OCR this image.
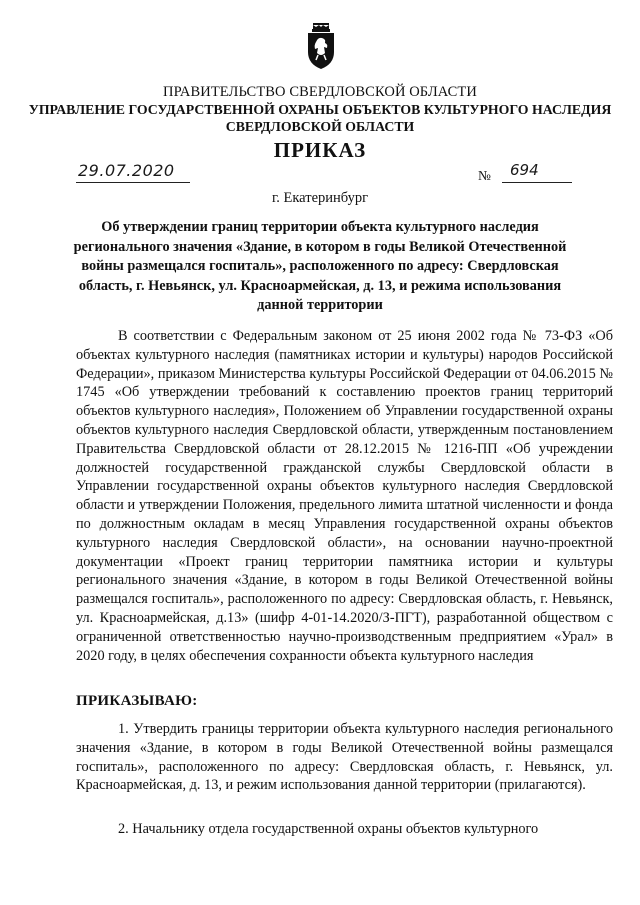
ПРАВИТЕЛЬСТВО СВЕРДЛОВСКОЙ ОБЛАСТИ
УПРАВЛЕНИЕ ГОСУДАРСТВЕННОЙ ОХРАНЫ ОБЪЕКТОВ КУЛЬТУРНОГО НАСЛЕДИЯ
СВЕРДЛОВСКОЙ ОБЛАСТИ
ПРИКАЗ
29.07.2020	№ 694
г. Екатеринбург
Об утверждении границ территории объекта культурного наследия регионального значения «Здание, в котором в годы Великой Отечественной войны размещался госпиталь», расположенного по адресу: Свердловская область, г. Невьянск, ул. Красноармейская, д. 13, и режима использования данной территории

В соответствии с Федеральным законом от 25 июня 2002 года № 73-ФЗ «Об объектах культурного наследия (памятниках истории и культуры) народов Российской Федерации», приказом Министерства культуры Российской Федерации от 04.06.2015 № 1745 «Об утверждении требований к составлению проектов границ территорий объектов культурного наследия», Положением об Управлении государственной охраны объектов культурного наследия Свердловской области, утвержденным постановлением Правительства Свердловской области от 28.12.2015 № 1216-ПП «Об учреждении должностей государственной гражданской службы Свердловской области в Управлении государственной охраны объектов культурного наследия Свердловской области и утверждении Положения, предельного лимита штатной численности и фонда по должностным окладам в месяц Управления государственной охраны объектов культурного наследия Свердловской области», на основании научно-проектной документации «Проект границ территории памятника истории и культуры регионального значения «Здание, в котором в годы Великой Отечественной войны размещался госпиталь», расположенного по адресу: Свердловская область, г. Невьянск, ул. Красноармейская, д.13» (шифр 4-01-14.2020/З-ПГТ), разработанной обществом с ограниченной ответственностью научно-производственным предприятием «Урал» в 2020 году, в целях обеспечения сохранности объекта культурного наследия

ПРИКАЗЫВАЮ:

1. Утвердить границы территории объекта культурного наследия регионального значения «Здание, в котором в годы Великой Отечественной войны размещался госпиталь», расположенного по адресу: Свердловская область, г. Невьянск, ул. Красноармейская, д. 13, и режим использования данной территории (прилагаются).

2. Начальнику отдела государственной охраны объектов культурного
